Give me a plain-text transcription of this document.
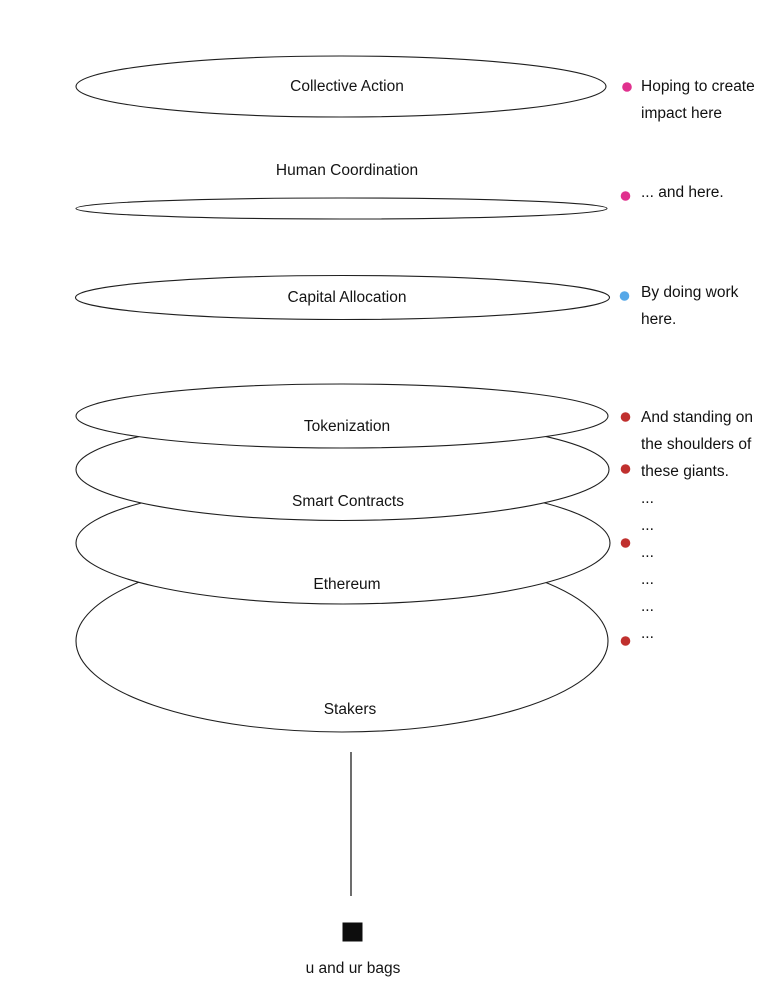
Collective Action
Human Coordination
Capital Allocation
Tokenization
Smart Contracts
Ethereum
Stakers
u and ur bags
Hoping to create
impact here
... and here.
By doing work
here.
And standing on
the shoulders of
these giants.
...
...
...
...
...
...
